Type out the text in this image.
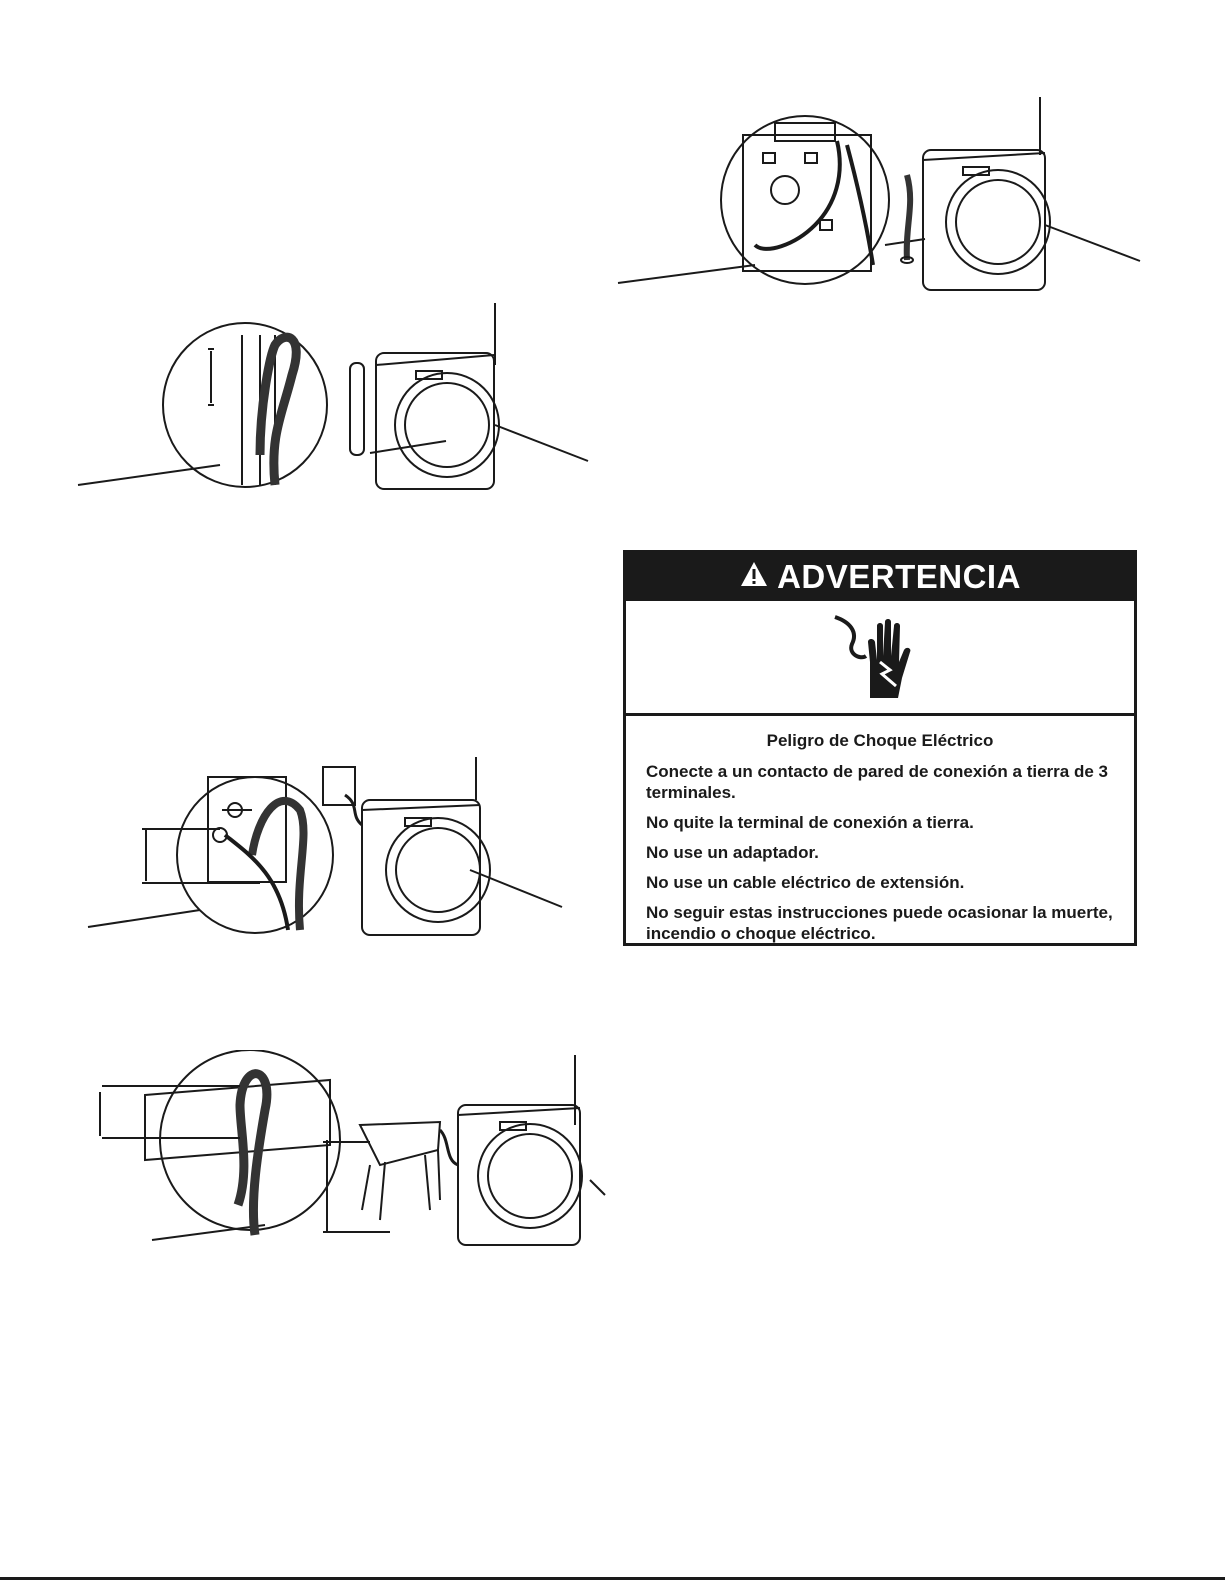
ADVERTENCIA

Peligro de Choque Eléctrico

Conecte a un contacto de pared de conexión a tierra de 3 terminales.

No quite la terminal de conexión a tierra.

No use un adaptador.

No use un cable eléctrico de extensión.

No seguir estas instrucciones puede ocasionar la muerte, incendio o choque eléctrico.
